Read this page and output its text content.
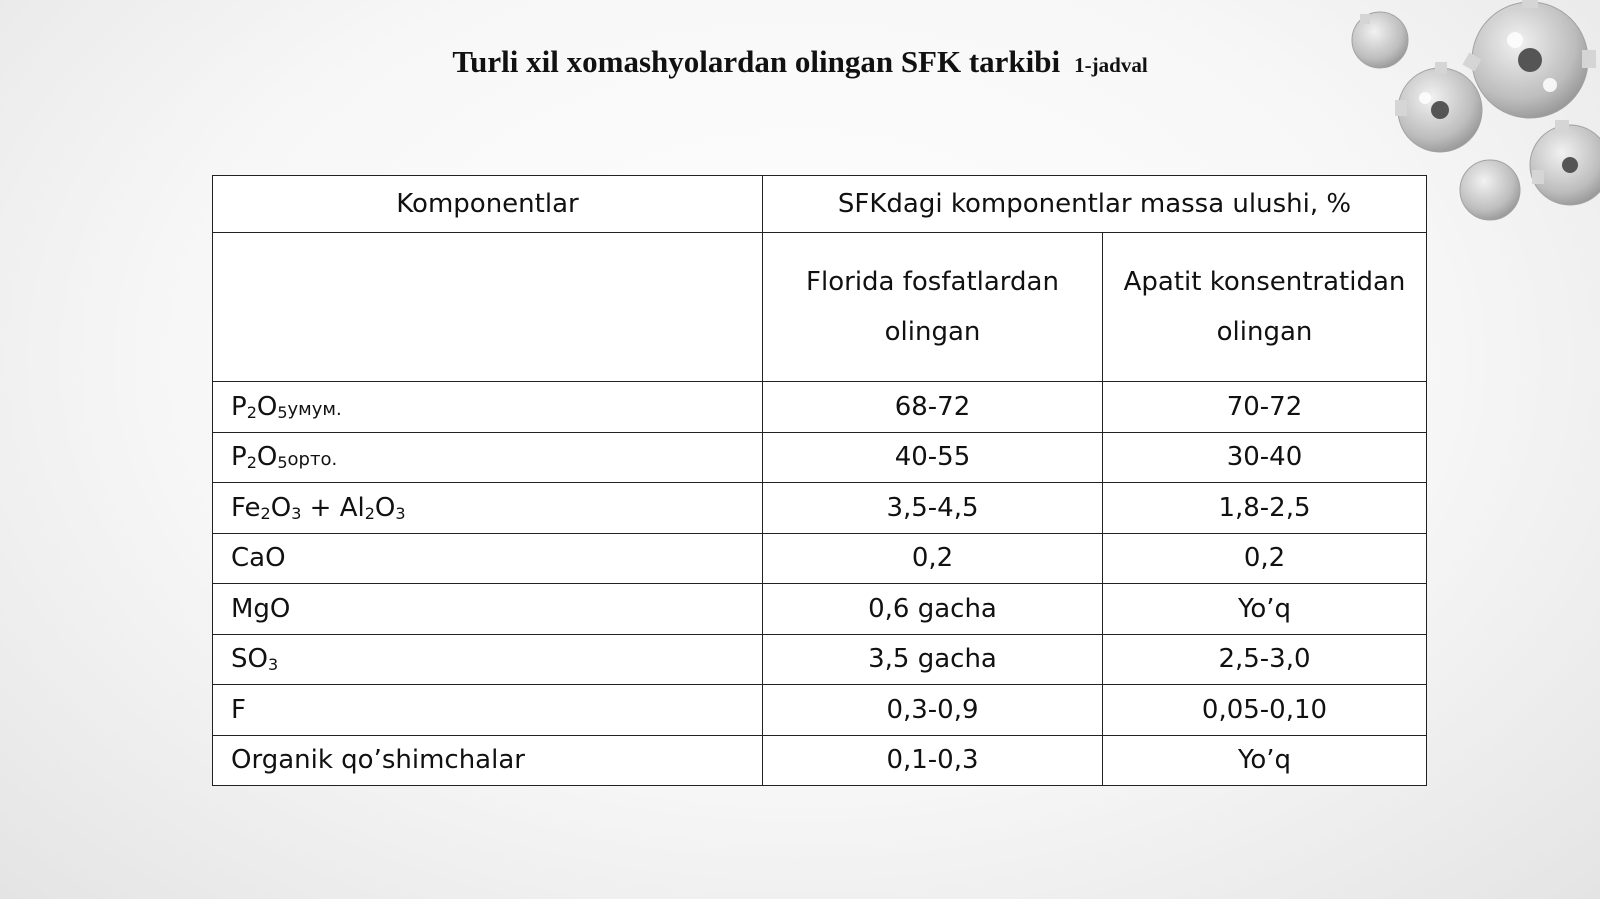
Turli xil xomashyolardan olingan SFK tarkibi 1-jadval
Komponentlar	SFKdagi komponentlar massa ulushi, %	
	Florida fosfatlardan olingan	Apatit konsentratidan olingan
$P_2O_5умум$.	68-72	70-72
$P_2O_5орто$.	40-55	30-40
$Fe_2O_3 + Al_2O_3$	3,5-4,5	1,8-2,5
CaO	0,2	0,2
MgO	0,6 gacha	Yo’q
$SO_3$	3,5 gacha	2,5-3,0
F	0,3-0,9	0,05-0,10
Organik qo’shimchalar	0,1-0,3	Yo’q
